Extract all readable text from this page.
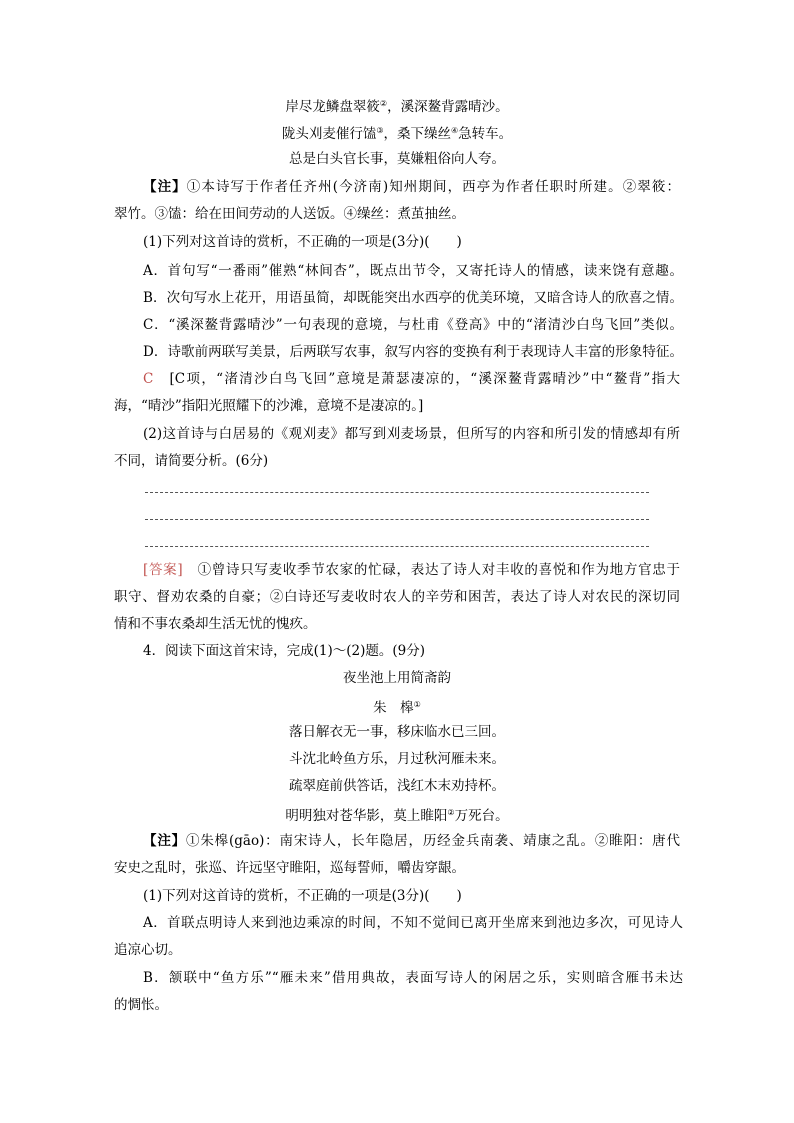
岸尽龙鳞盘翠筱②，溪深鳌背露晴沙。
陇头刈麦催行馌③，桑下缲丝④急转车。
总是白头官长事，莫嫌粗俗向人夸。
【注】①本诗写于作者任齐州(今济南)知州期间，西亭为作者任职时所建。②翠筱：
翠竹。③馌：给在田间劳动的人送饭。④缲丝：煮茧抽丝。
(1)下列对这首诗的赏析，不正确的一项是(3分)(　　)
A．首句写“一番雨”催熟“林间杏”，既点出节令，又寄托诗人的情感，读来饶有意趣。
B．次句写水上花开，用语虽简，却既能突出水西亭的优美环境，又暗含诗人的欣喜之情。
C．“溪深鳌背露晴沙”一句表现的意境，与杜甫《登高》中的“渚清沙白鸟飞回”类似。
D．诗歌前两联写美景，后两联写农事，叙写内容的变换有利于表现诗人丰富的形象特征。
C　[C项，“渚清沙白鸟飞回”意境是萧瑟凄凉的，“溪深鳌背露晴沙”中“鳌背”指大
海，“晴沙”指阳光照耀下的沙滩，意境不是凄凉的。]
(2)这首诗与白居易的《观刈麦》都写到刈麦场景，但所写的内容和所引发的情感却有所
不同，请简要分析。(6分)
[答案]　①曾诗只写麦收季节农家的忙碌，表达了诗人对丰收的喜悦和作为地方官忠于
职守、督劝农桑的自豪；②白诗还写麦收时农人的辛劳和困苦，表达了诗人对农民的深切同
情和不事农桑却生活无忧的愧疚。
4．阅读下面这首宋诗，完成(1)～(2)题。(9分)
夜坐池上用简斋韵
朱　槔①
落日解衣无一事，移床临水已三回。
斗沈北岭鱼方乐，月过秋河雁未来。
疏翠庭前供答话，浅红木末劝持杯。
明明独对苍华影，莫上睢阳②万死台。
【注】①朱槔(gāo)：南宋诗人，长年隐居，历经金兵南袭、靖康之乱。②睢阳：唐代
安史之乱时，张巡、许远坚守睢阳，巡每誓师，嚼齿穿龈。
(1)下列对这首诗的赏析，不正确的一项是(3分)(　　)
A．首联点明诗人来到池边乘凉的时间，不知不觉间已离开坐席来到池边多次，可见诗人
追凉心切。
B．颔联中“鱼方乐”“雁未来”借用典故，表面写诗人的闲居之乐，实则暗含雁书未达
的惆怅。
